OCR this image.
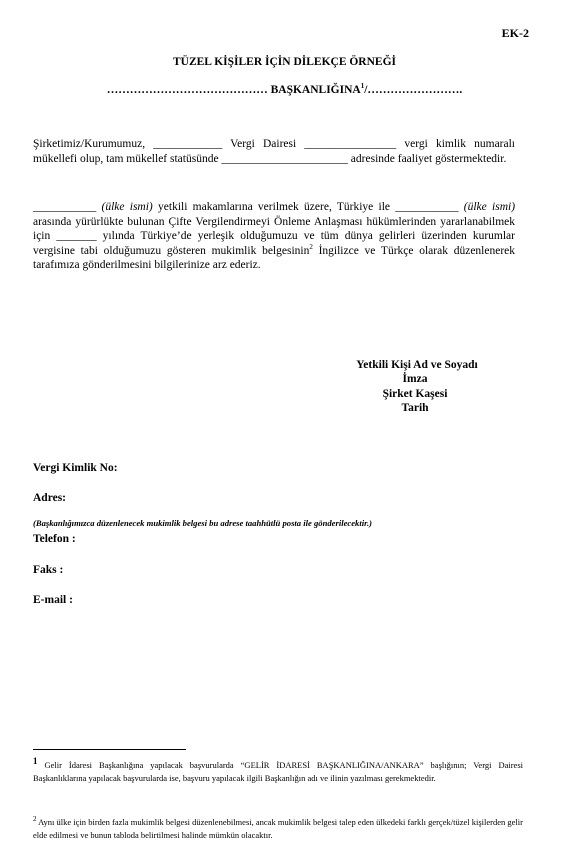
EK-2
TÜZEL KİŞİLER İÇİN DİLEKÇE ÖRNEĞİ
…………………………………… BAŞKANLIĞINA$^1$/…………………….
Şirketimiz/Kurumumuz, ____________ Vergi Dairesi ________________ vergi kimlik numaralı mükellefi olup, tam mükellef statüsünde ______________________ adresinde faaliyet göstermektedir.
___________ (ülke ismi) yetkili makamlarına verilmek üzere, Türkiye ile ___________ (ülke ismi) arasında yürürlükte bulunan Çifte Vergilendirmeyi Önleme Anlaşması hükümlerinden yararlanabilmek için _______ yılında Türkiye’de yerleşik olduğumuzu ve tüm dünya gelirleri üzerinden kurumlar vergisine tabi olduğumuzu gösteren mukimlik belgesinin$^2$ İngilizce ve Türkçe olarak düzenlenerek tarafımıza gönderilmesini bilgilerinize arz ederiz.
Yetkili Kişi Ad ve Soyadı
İmza
Şirket Kaşesi
Tarih
Vergi Kimlik No:
Adres:
(Başkanlığımızca düzenlenecek mukimlik belgesi bu adrese taahhütlü posta ile gönderilecektir.)
Telefon :
Faks :
E-mail :
$^1$ Gelir İdaresi Başkanlığına yapılacak başvurularda “GELİR İDARESİ BAŞKANLIĞINA/ANKARA” başlığının; Vergi Dairesi Başkanlıklarına yapılacak başvurularda ise, başvuru yapılacak ilgili Başkanlığın adı ve ilinin yazılması gerekmektedir.
$^2$ Aynı ülke için birden fazla mukimlik belgesi düzenlenebilmesi, ancak mukimlik belgesi talep eden ülkedeki farklı gerçek/tüzel kişilerden gelir elde edilmesi ve bunun tabloda belirtilmesi halinde mümkün olacaktır.
